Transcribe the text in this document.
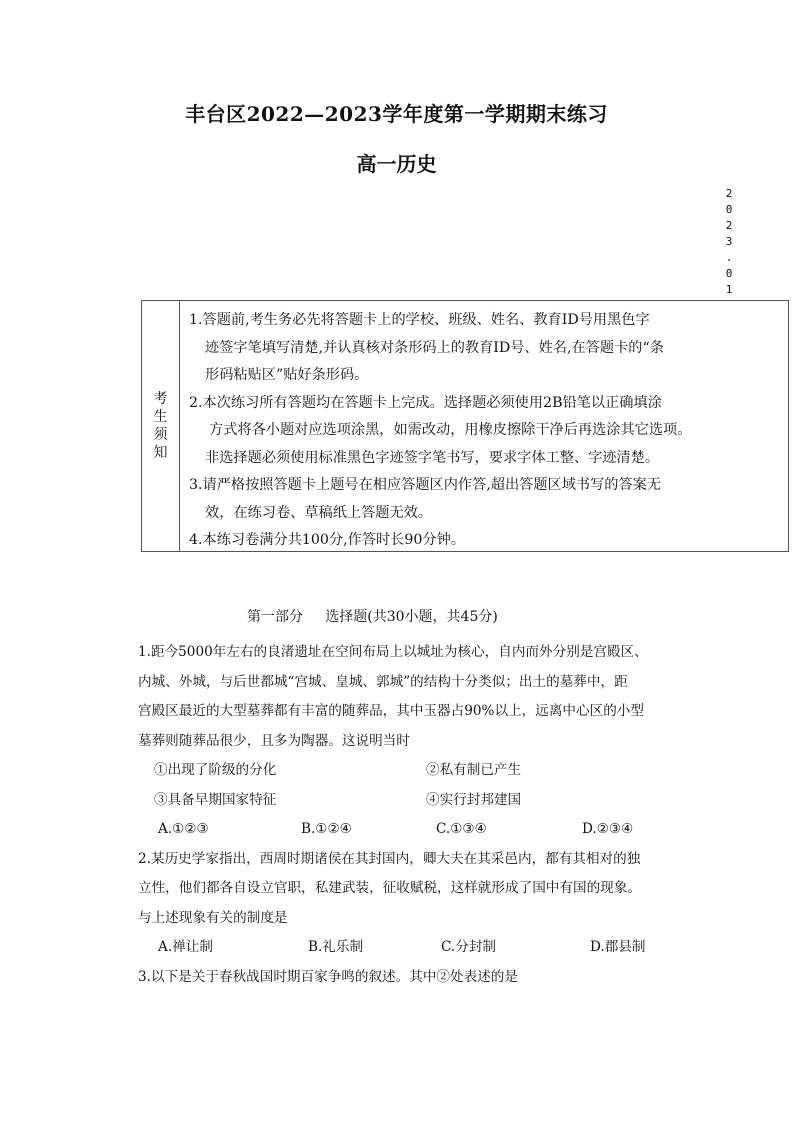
丰台区2022—2023学年度第一学期期末练习
高一历史
2
0
2
3
.
0
1
考生须知

1.答题前,考生务必先将答题卡上的学校、班级、姓名、教育ID号用黑色字

迹签字笔填写清楚,并认真核对条形码上的教育ID号、姓名,在答题卡的“条

形码粘贴区”贴好条形码。

2.本次练习所有答题均在答题卡上完成。选择题必须使用2B铅笔以正确填涂

方式将各小题对应选项涂黑，如需改动，用橡皮擦除干净后再选涂其它选项。

非选择题必须使用标准黑色字迹签字笔书写，要求字体工整、字迹清楚。

3.请严格按照答题卡上题号在相应答题区内作答,超出答题区域书写的答案无

效，在练习卷、草稿纸上答题无效。

4.本练习卷满分共100分,作答时长90分钟。

第一部分 选择题(共30小题，共45分)

1.距今5000年左右的良渚遗址在空间布局上以城址为核心，自内而外分别是宫殿区、

内城、外城，与后世都城“宫城、皇城、郭城”的结构十分类似；出土的墓葬中，距

宫殿区最近的大型墓葬都有丰富的随葬品，其中玉器占90%以上，远离中心区的小型

墓葬则随葬品很少，且多为陶器。这说明当时

①出现了阶级的分化	②私有制已产生
③具备早期国家特征	④实行封邦建国
A.①②③	B.①②④	C.①③④	D.②③④

2.某历史学家指出，西周时期诸侯在其封国内，卿大夫在其采邑内，都有其相对的独

立性，他们都各自设立官职，私建武装，征收赋税，这样就形成了国中有国的现象。

与上述现象有关的制度是

A.禅让制	B.礼乐制	C.分封制	D.郡县制

3.以下是关于春秋战国时期百家争鸣的叙述。其中②处表述的是
